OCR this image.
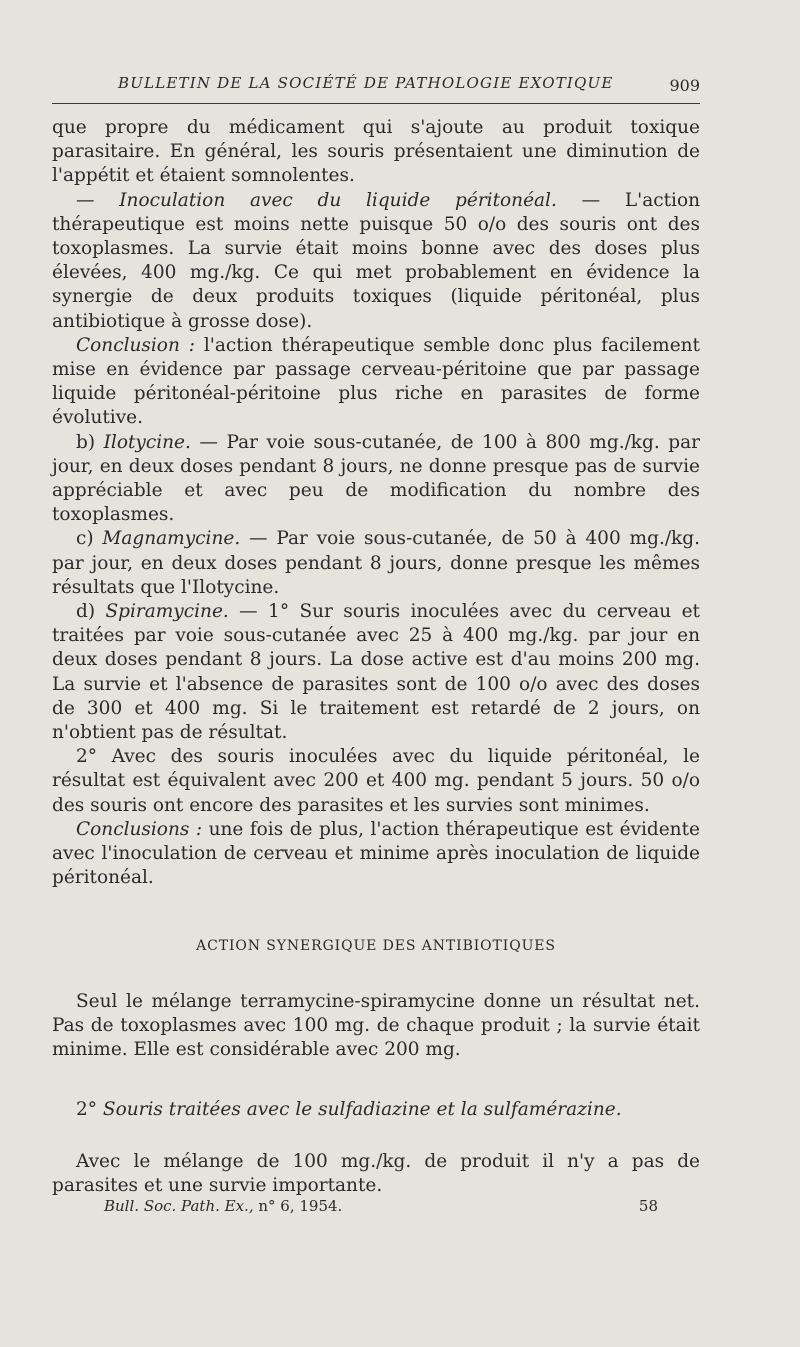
BULLETIN DE LA SOCIÉTÉ DE PATHOLOGIE EXOTIQUE	909

que propre du médicament qui s'ajoute au produit toxique parasitaire. En général, les souris présentaient une diminution de l'appétit et étaient somnolentes.

— Inoculation avec du liquide péritonéal. — L'action thérapeutique est moins nette puisque 50 o/o des souris ont des toxoplasmes. La survie était moins bonne avec des doses plus élevées, 400 mg./kg. Ce qui met probablement en évidence la synergie de deux produits toxiques (liquide péritonéal, plus antibiotique à grosse dose).

Conclusion : l'action thérapeutique semble donc plus facilement mise en évidence par passage cerveau-péritoine que par passage liquide péritonéal-péritoine plus riche en parasites de forme évolutive.

b) Ilotycine. — Par voie sous-cutanée, de 100 à 800 mg./kg. par jour, en deux doses pendant 8 jours, ne donne presque pas de survie appréciable et avec peu de modification du nombre des toxoplasmes.

c) Magnamycine. — Par voie sous-cutanée, de 50 à 400 mg./kg. par jour, en deux doses pendant 8 jours, donne presque les mêmes résultats que l'Ilotycine.

d) Spiramycine. — 1° Sur souris inoculées avec du cerveau et traitées par voie sous-cutanée avec 25 à 400 mg./kg. par jour en deux doses pendant 8 jours. La dose active est d'au moins 200 mg. La survie et l'absence de parasites sont de 100 o/o avec des doses de 300 et 400 mg. Si le traitement est retardé de 2 jours, on n'obtient pas de résultat.

2° Avec des souris inoculées avec du liquide péritonéal, le résultat est équivalent avec 200 et 400 mg. pendant 5 jours. 50 o/o des souris ont encore des parasites et les survies sont minimes.

Conclusions : une fois de plus, l'action thérapeutique est évidente avec l'inoculation de cerveau et minime après inoculation de liquide péritonéal.

ACTION SYNERGIQUE DES ANTIBIOTIQUES

Seul le mélange terramycine-spiramycine donne un résultat net. Pas de toxoplasmes avec 100 mg. de chaque produit ; la survie était minime. Elle est considérable avec 200 mg.

2° Souris traitées avec le sulfadiazine et la sulfamérazine.

Avec le mélange de 100 mg./kg. de produit il n'y a pas de parasites et une survie importante.

Bull. Soc. Path. Ex., n° 6, 1954.	58
